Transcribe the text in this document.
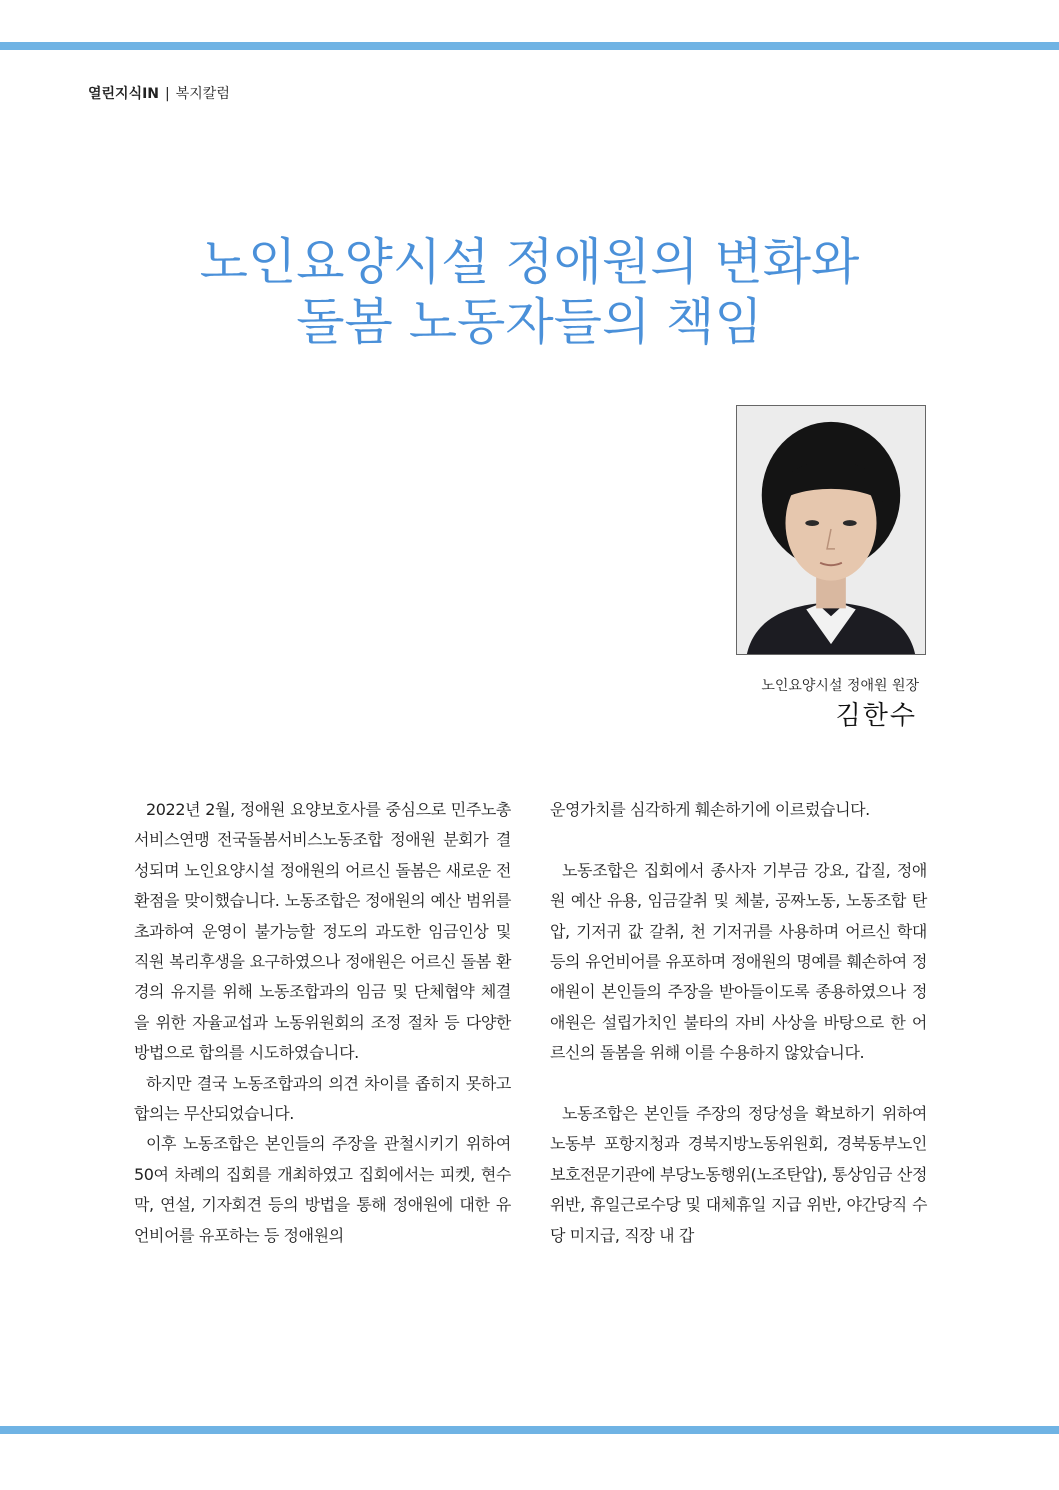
열린지식IN | 복지칼럼
노인요양시설 정애원의 변화와
돌봄 노동자들의 책임
노인요양시설 정애원 원장
김한수

2022년 2월, 정애원 요양보호사를 중심으로 민주노총 서비스연맹 전국돌봄서비스노동조합 정애원 분회가 결성되며 노인요양시설 정애원의 어르신 돌봄은 새로운 전환점을 맞이했습니다. 노동조합은 정애원의 예산 범위를 초과하여 운영이 불가능할 정도의 과도한 임금인상 및 직원 복리후생을 요구하였으나 정애원은 어르신 돌봄 환경의 유지를 위해 노동조합과의 임금 및 단체협약 체결을 위한 자율교섭과 노동위원회의 조정 절차 등 다양한 방법으로 합의를 시도하였습니다.

하지만 결국 노동조합과의 의견 차이를 좁히지 못하고 합의는 무산되었습니다.

이후 노동조합은 본인들의 주장을 관철시키기 위하여 50여 차례의 집회를 개최하였고 집회에서는 피켓, 현수막, 연설, 기자회견 등의 방법을 통해 정애원에 대한 유언비어를 유포하는 등 정애원의

운영가치를 심각하게 훼손하기에 이르렀습니다.

노동조합은 집회에서 종사자 기부금 강요, 갑질, 정애원 예산 유용, 임금갈취 및 체불, 공짜노동, 노동조합 탄압, 기저귀 값 갈취, 천 기저귀를 사용하며 어르신 학대 등의 유언비어를 유포하며 정애원의 명예를 훼손하여 정애원이 본인들의 주장을 받아들이도록 종용하였으나 정애원은 설립가치인 불타의 자비 사상을 바탕으로 한 어르신의 돌봄을 위해 이를 수용하지 않았습니다.

노동조합은 본인들 주장의 정당성을 확보하기 위하여 노동부 포항지청과 경북지방노동위원회, 경북동부노인보호전문기관에 부당노동행위(노조탄압), 통상임금 산정위반, 휴일근로수당 및 대체휴일 지급 위반, 야간당직 수당 미지급, 직장 내 갑
